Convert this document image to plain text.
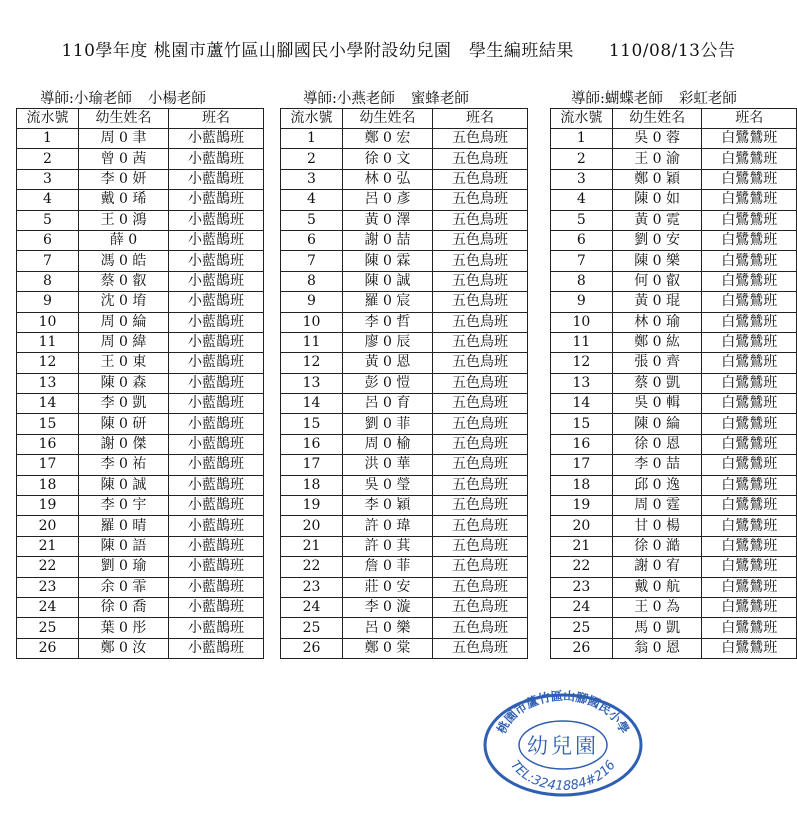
110學年度 桃園市蘆竹區山腳國民小學附設幼兒園　學生編班結果　　110/08/13公告
導師:小瑜老師 小楊老師	導師:小燕老師 蜜蜂老師	導師:蝴蝶老師 彩虹老師
流水號	幼生姓名	班名
1	周 0 聿	小藍鵲班
2	曾 0 茜	小藍鵲班
3	李 0 妍	小藍鵲班
4	戴 0 琋	小藍鵲班
5	王 0 鴻	小藍鵲班
6	薛 0	小藍鵲班
7	馮 0 皓	小藍鵲班
8	蔡 0 叡	小藍鵲班
9	沈 0 堉	小藍鵲班
10	周 0 綸	小藍鵲班
11	周 0 緯	小藍鵲班
12	王 0 東	小藍鵲班
13	陳 0 森	小藍鵲班
14	李 0 凱	小藍鵲班
15	陳 0 研	小藍鵲班
16	謝 0 傑	小藍鵲班
17	李 0 祐	小藍鵲班
18	陳 0 誠	小藍鵲班
19	李 0 宇	小藍鵲班
20	羅 0 晴	小藍鵲班
21	陳 0 語	小藍鵲班
22	劉 0 瑜	小藍鵲班
23	余 0 霏	小藍鵲班
24	徐 0 喬	小藍鵲班
25	葉 0 彤	小藍鵲班
26	鄭 0 汝	小藍鵲班
流水號	幼生姓名	班名
1	鄭 0 宏	五色鳥班
2	徐 0 文	五色鳥班
3	林 0 弘	五色鳥班
4	呂 0 彥	五色鳥班
5	黃 0 澤	五色鳥班
6	謝 0 喆	五色鳥班
7	陳 0 霖	五色鳥班
8	陳 0 誠	五色鳥班
9	羅 0 宸	五色鳥班
10	李 0 哲	五色鳥班
11	廖 0 辰	五色鳥班
12	黃 0 恩	五色鳥班
13	彭 0 愷	五色鳥班
14	呂 0 育	五色鳥班
15	劉 0 菲	五色鳥班
16	周 0 榆	五色鳥班
17	洪 0 華	五色鳥班
18	吳 0 瑩	五色鳥班
19	李 0 穎	五色鳥班
20	許 0 瑋	五色鳥班
21	許 0 萁	五色鳥班
22	詹 0 菲	五色鳥班
23	莊 0 安	五色鳥班
24	李 0 漩	五色鳥班
25	呂 0 樂	五色鳥班
26	鄭 0 棠	五色鳥班
流水號	幼生姓名	班名
1	吳 0 蓉	白鷺鷥班
2	王 0 渝	白鷺鷥班
3	鄭 0 穎	白鷺鷥班
4	陳 0 如	白鷺鷥班
5	黃 0 霓	白鷺鷥班
6	劉 0 安	白鷺鷥班
7	陳 0 樂	白鷺鷥班
8	何 0 叡	白鷺鷥班
9	黃 0 琨	白鷺鷥班
10	林 0 瑜	白鷺鷥班
11	鄭 0 紘	白鷺鷥班
12	張 0 齊	白鷺鷥班
13	蔡 0 凱	白鷺鷥班
14	吳 0 輯	白鷺鷥班
15	陳 0 綸	白鷺鷥班
16	徐 0 恩	白鷺鷥班
17	李 0 喆	白鷺鷥班
18	邱 0 逸	白鷺鷥班
19	周 0 霆	白鷺鷥班
20	甘 0 楊	白鷺鷥班
21	徐 0 澔	白鷺鷥班
22	謝 0 宥	白鷺鷥班
23	戴 0 航	白鷺鷥班
24	王 0 為	白鷺鷥班
25	馬 0 凱	白鷺鷥班
26	翁 0 恩	白鷺鷥班
桃園市蘆竹區山腳國民小學
幼兒園
TEL:3241884#216
